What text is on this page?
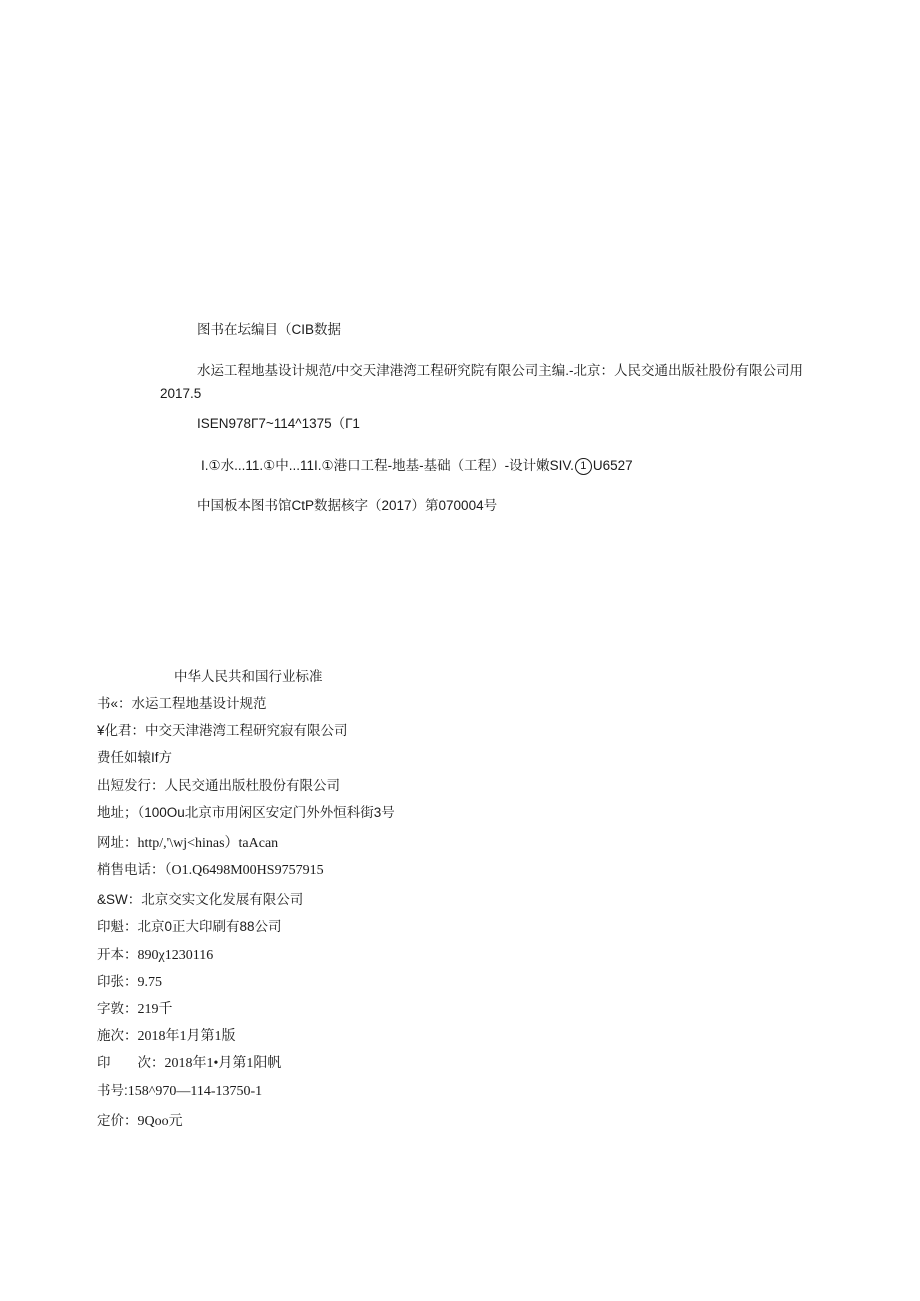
图书在坛编目（CIB数据
水运工程地基设计规范/中交天津港湾工程研究院有限公司主编.-北京：人民交通出版社股份有限公司用
2017.5
ISEN978Г7~114^1375（Г1
I.①水...11.①中...11I.①港口工程-地基-基础（工程）-设计嫩SIV. 1 U6527
中国板本图书馆CtP数据核字（2017）第070004号
中华人民共和国行业标准
书«：水运工程地基设计规范
¥化君：中交天津港湾工程研究寂有限公司
费任如辕If方
出短发行：人民交通出版杜股份有限公司
地址；（100Ou北京市用闲区安定门外外恒科街3号
网址：http/,'\wj<hinas）taAcan
梢售电话：（O1.Q6498M00HS9757915
&SW：北京交实文化发展有限公司
印魁：北京0正大印刷有88公司
开本：890χ1230116
印张：9.75
字敦：219千
施次：2018年1月第1版
印　　次：2018年1•月第1阳帆
书号:158^970—114-13750-1
定价：9Qoo元
